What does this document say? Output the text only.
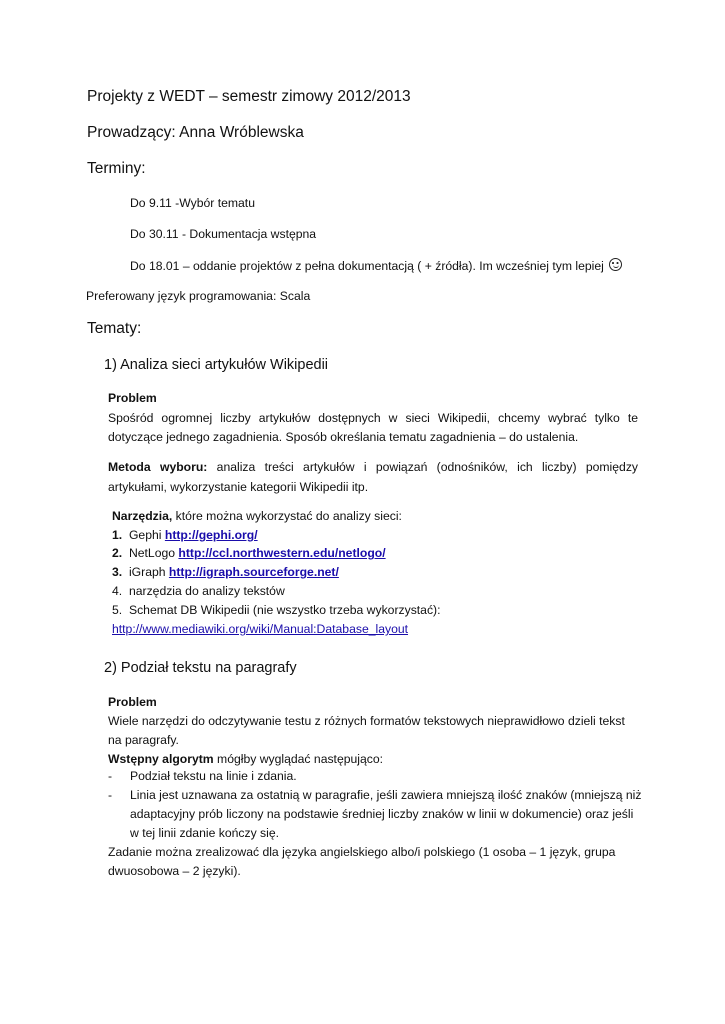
Projekty z WEDT – semestr zimowy 2012/2013
Prowadzący: Anna Wróblewska
Terminy:
Do 9.11 -Wybór tematu
Do 30.11 - Dokumentacja wstępna
Do 18.01 – oddanie projektów z pełna dokumentacją ( + źródła). Im wcześniej tym lepiej
Preferowany język programowania: Scala
Tematy:
1) Analiza sieci artykułów Wikipedii
Problem
Spośród ogromnej liczby artykułów dostępnych w sieci Wikipedii, chcemy wybrać tylko te
dotyczące jednego zagadnienia. Sposób określania tematu zagadnienia – do ustalenia.
Metoda wyboru: analiza treści artykułów i powiązań (odnośników, ich liczby) pomiędzy
artykułami, wykorzystanie kategorii Wikipedii itp.
Narzędzia, które można wykorzystać do analizy sieci:
1. Gephi http://gephi.org/
2. NetLogo http://ccl.northwestern.edu/netlogo/
3. iGraph http://igraph.sourceforge.net/
4. narzędzia do analizy tekstów
5. Schemat DB Wikipedii (nie wszystko trzeba wykorzystać):
http://www.mediawiki.org/wiki/Manual:Database_layout
2) Podział tekstu na paragrafy
Problem
Wiele narzędzi do odczytywanie testu z różnych formatów tekstowych nieprawidłowo dzieli tekst
na paragrafy.
Wstępny algorytm mógłby wyglądać następująco:
- Podział tekstu na linie i zdania.
- Linia jest uznawana za ostatnią w paragrafie, jeśli zawiera mniejszą ilość znaków (mniejszą niż
adaptacyjny prób liczony na podstawie średniej liczby znaków w linii w dokumencie) oraz jeśli
w tej linii zdanie kończy się.
Zadanie można zrealizować dla języka angielskiego albo/i polskiego (1 osoba – 1 język, grupa
dwuosobowa – 2 języki).
